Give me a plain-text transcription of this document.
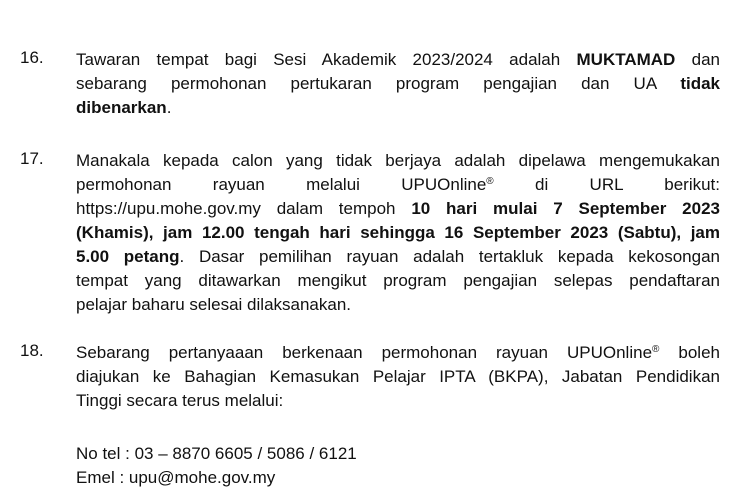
16.	Tawaran tempat bagi Sesi Akademik 2023/2024 adalah MUKTAMAD dan
sebarang permohonan pertukaran program pengajian dan UA tidak
dibenarkan.
17.	Manakala kepada calon yang tidak berjaya adalah dipelawa mengemukakan
permohonan rayuan melalui UPUOnline® di URL berikut:
https://upu.mohe.gov.my dalam tempoh 10 hari mulai 7 September 2023
(Khamis), jam 12.00 tengah hari sehingga 16 September 2023 (Sabtu), jam
5.00 petang. Dasar pemilihan rayuan adalah tertakluk kepada kekosongan
tempat yang ditawarkan mengikut program pengajian selepas pendaftaran
pelajar baharu selesai dilaksanakan.
18.	Sebarang pertanyaaan berkenaan permohonan rayuan UPUOnline® boleh
diajukan ke Bahagian Kemasukan Pelajar IPTA (BKPA), Jabatan Pendidikan
Tinggi secara terus melalui:
No tel : 03 – 8870 6605 / 5086 / 6121
Emel : upu@mohe.gov.my
